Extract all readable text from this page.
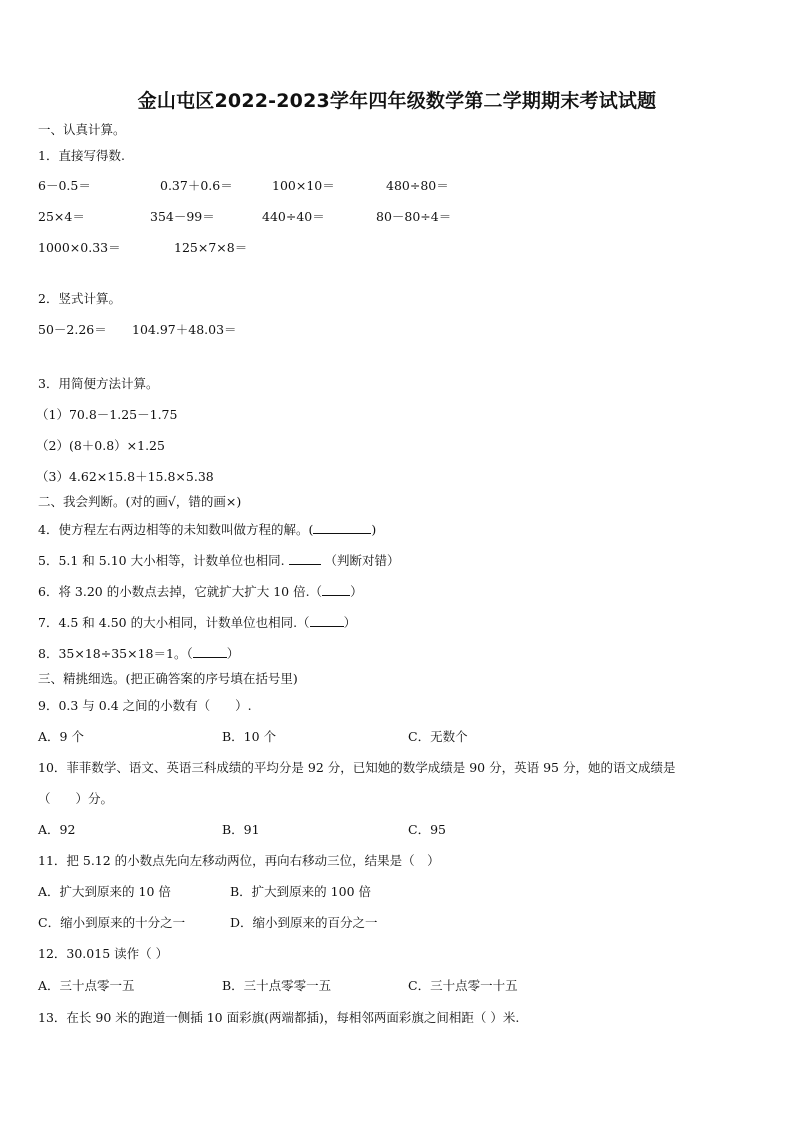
金山屯区2022-2023学年四年级数学第二学期期末考试试题
一、认真计算。
1．直接写得数.
6－0.5＝	0.37＋0.6＝	100×10＝	480÷80＝
25×4＝	354－99＝	440÷40＝	80－80÷4＝
1000×0.33＝	125×7×8＝
2．竖式计算。
50－2.26＝ 104.97＋48.03＝
3．用简便方法计算。
（1）70.8－1.25－1.75
（2）(8＋0.8）×1.25
（3）4.62×15.8＋15.8×5.38
二、我会判断。(对的画√，错的画×)
4．使方程左右两边相等的未知数叫做方程的解。(	)
5．5.1 和 5.10 大小相等，计数单位也相同.	（判断对错）
6．将 3.20 的小数点去掉，它就扩大扩大 10 倍.（ ）
7．4.5 和 4.50 的大小相同，计数单位也相同.（	）
8．35×18÷35×18＝1。（	）
三、精挑细选。(把正确答案的序号填在括号里)
9．0.3 与 0.4 之间的小数有（　　）.
A．9 个	B．10 个	C．无数个
10．菲菲数学、语文、英语三科成绩的平均分是 92 分，已知她的数学成绩是 90 分，英语 95 分，她的语文成绩是
（　　）分。
A．92	B．91	C．95
11．把 5.12 的小数点先向左移动两位，再向右移动三位，结果是（　）
A．扩大到原来的 10 倍	B．扩大到原来的 100 倍
C．缩小到原来的十分之一	D．缩小到原来的百分之一
12．30.015 读作（ ）
A．三十点零一五	B．三十点零零一五	C．三十点零一十五
13．在长 90 米的跑道一侧插 10 面彩旗(两端都插)，每相邻两面彩旗之间相距（ ）米.
